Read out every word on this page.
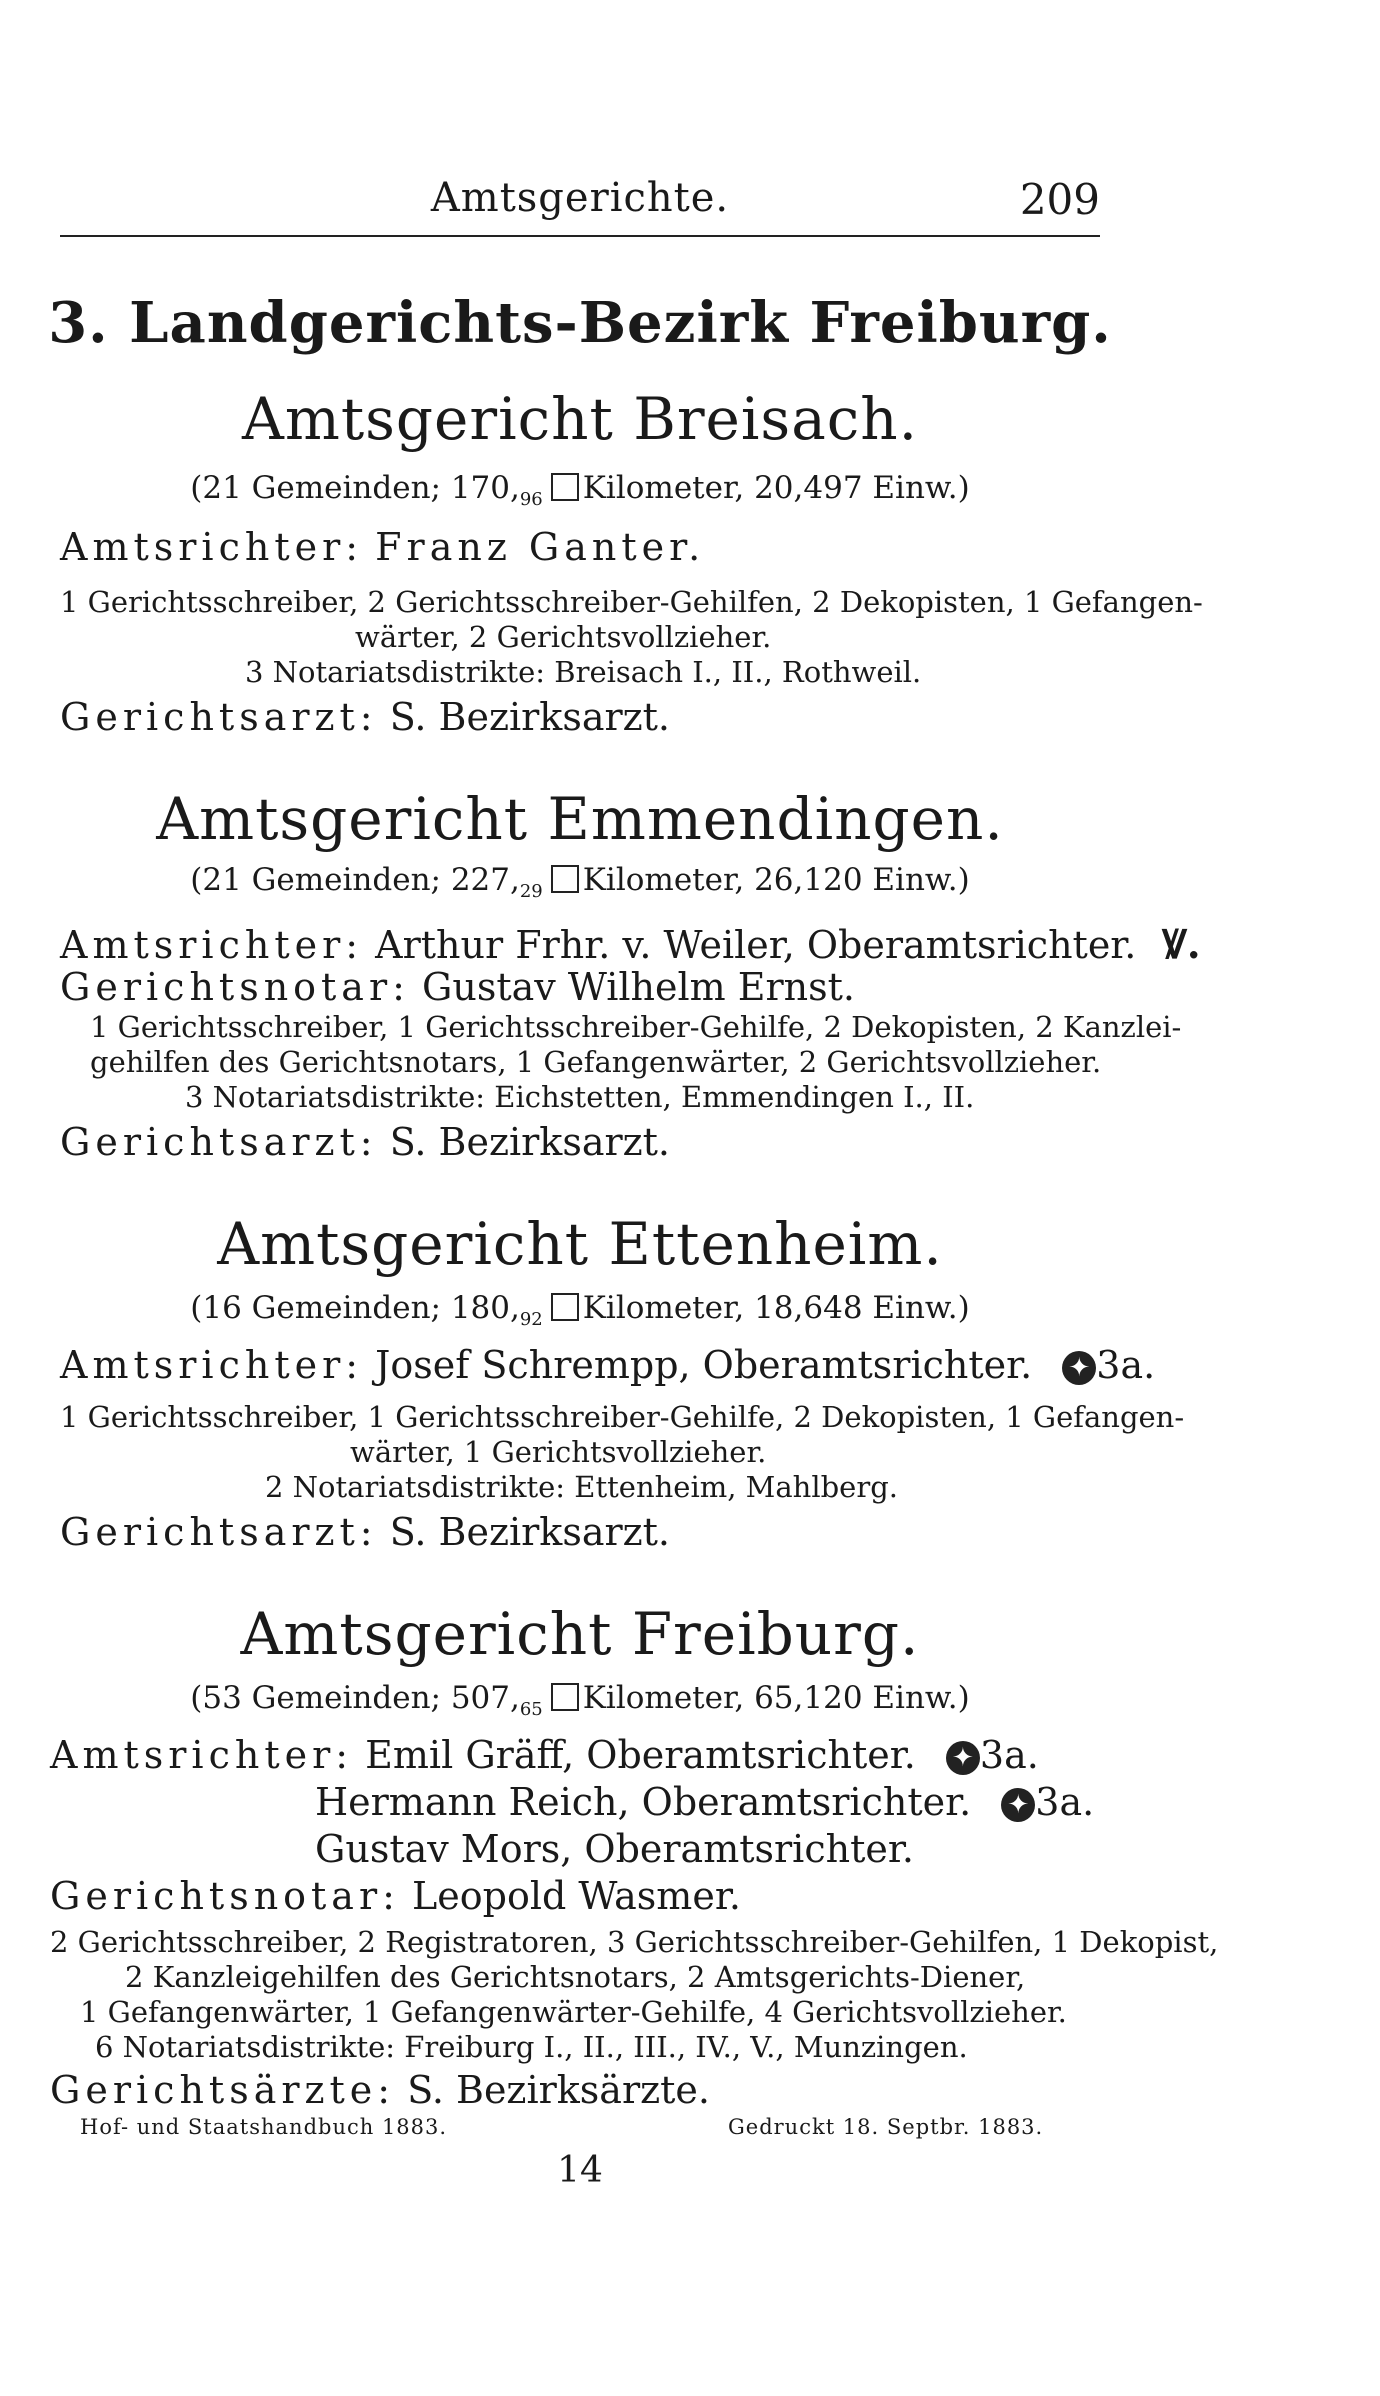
Amtsgerichte.	209
3. Landgerichts-Bezirk Freiburg.
Amtsgericht Breisach.
(21 Gemeinden; $170,_{96}$ Kilometer, 20,497 Einw.)
Amtsrichter: Franz Ganter.
1 Gerichtsschreiber, 2 Gerichtsschreiber-Gehilfen, 2 Dekopisten, 1 Gefangen-
wärter, 2 Gerichtsvollzieher.
3 Notariatsdistrikte: Breisach I., II., Rothweil.
Gerichtsarzt: S. Bezirksarzt.
Amtsgericht Emmendingen.
(21 Gemeinden; $227,_{29}$ Kilometer, 26,120 Einw.)
Amtsrichter: Arthur Frhr. v. Weiler, Oberamtsrichter. Ꝟ.
Gerichtsnotar: Gustav Wilhelm Ernst.
1 Gerichtsschreiber, 1 Gerichtsschreiber-Gehilfe, 2 Dekopisten, 2 Kanzlei-
gehilfen des Gerichtsnotars, 1 Gefangenwärter, 2 Gerichtsvollzieher.
3 Notariatsdistrikte: Eichstetten, Emmendingen I., II.
Gerichtsarzt: S. Bezirksarzt.
Amtsgericht Ettenheim.
(16 Gemeinden; $180,_{92}$ Kilometer, 18,648 Einw.)
Amtsrichter: Josef Schrempp, Oberamtsrichter. ✦ 3a.
1 Gerichtsschreiber, 1 Gerichtsschreiber-Gehilfe, 2 Dekopisten, 1 Gefangen-
wärter, 1 Gerichtsvollzieher.
2 Notariatsdistrikte: Ettenheim, Mahlberg.
Gerichtsarzt: S. Bezirksarzt.
Amtsgericht Freiburg.
(53 Gemeinden; $507,_{65}$ Kilometer, 65,120 Einw.)
Amtsrichter: Emil Gräff, Oberamtsrichter. ✦ 3a.
Hermann Reich, Oberamtsrichter. ✦ 3a.
Gustav Mors, Oberamtsrichter.
Gerichtsnotar: Leopold Wasmer.
2 Gerichtsschreiber, 2 Registratoren, 3 Gerichtsschreiber-Gehilfen, 1 Dekopist,
2 Kanzleigehilfen des Gerichtsnotars, 2 Amtsgerichts-Diener,
1 Gefangenwärter, 1 Gefangenwärter-Gehilfe, 4 Gerichtsvollzieher.
6 Notariatsdistrikte: Freiburg I., II., III., IV., V., Munzingen.
Gerichtsärzte: S. Bezirksärzte.
Hof- und Staatshandbuch 1883.	Gedruckt 18. Septbr. 1883.
14
